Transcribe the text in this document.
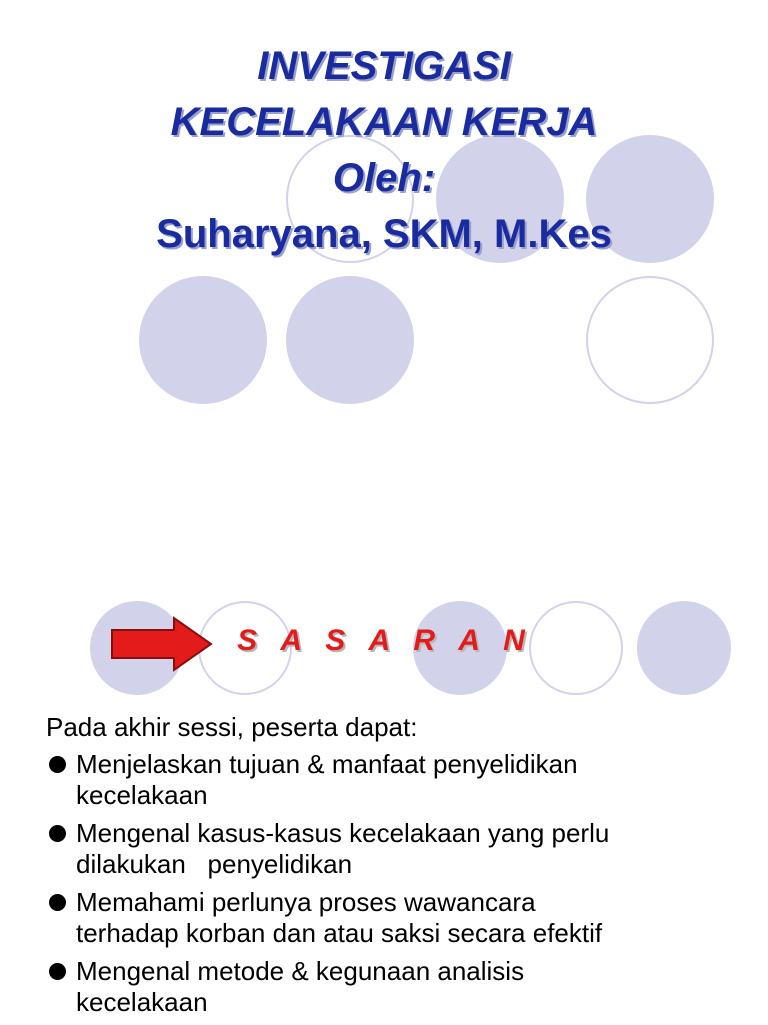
INVESTIGASI
KECELAKAAN KERJA
Oleh:
Suharyana, SKM, M.Kes
S A S A R A N
Pada akhir sessi, peserta dapat:
Menjelaskan tujuan & manfaat penyelidikan
kecelakaan
Mengenal kasus-kasus kecelakaan yang perlu
dilakukan   penyelidikan
Memahami perlunya proses wawancara
terhadap korban dan atau saksi secara efektif
Mengenal metode & kegunaan analisis
kecelakaan
